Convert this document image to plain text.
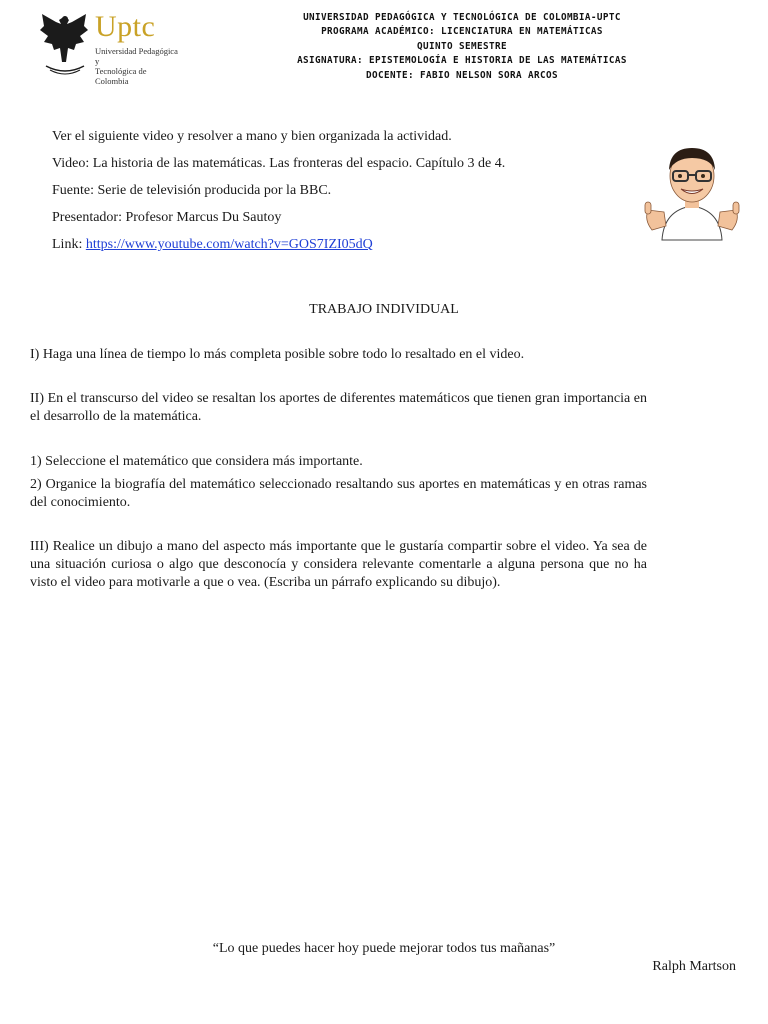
Uptc
Universidad Pedagógica y
Tecnológica de Colombia
UNIVERSIDAD PEDAGÓGICA Y TECNOLÓGICA DE COLOMBIA-UPTC
PROGRAMA ACADÉMICO: LICENCIATURA EN MATEMÁTICAS
QUINTO SEMESTRE
ASIGNATURA: EPISTEMOLOGÍA E HISTORIA DE LAS MATEMÁTICAS
DOCENTE: FABIO NELSON SORA ARCOS

Ver el siguiente video y resolver a mano y bien organizada la actividad.

Video: La historia de las matemáticas. Las fronteras del espacio. Capítulo 3 de 4.

Fuente: Serie de televisión producida por la BBC.

Presentador: Profesor Marcus Du Sautoy

Link: https://www.youtube.com/watch?v=GOS7IZI05dQ

TRABAJO INDIVIDUAL

I) Haga una línea de tiempo lo más completa posible sobre todo lo resaltado en el video.

II) En el transcurso del video se resaltan los aportes de diferentes matemáticos que tienen gran importancia en el desarrollo de la matemática.

1) Seleccione el matemático que considera más importante.

2) Organice la biografía del matemático seleccionado resaltando sus aportes en matemáticas y en otras ramas del conocimiento.

III) Realice un dibujo a mano del aspecto más importante que le gustaría compartir sobre el video. Ya sea de una situación curiosa o algo que desconocía y considera relevante comentarle a alguna persona que no ha visto el video para motivarle a que o vea. (Escriba un párrafo explicando su dibujo).

“Lo que puedes hacer hoy puede mejorar todos tus mañanas”
Ralph Martson
